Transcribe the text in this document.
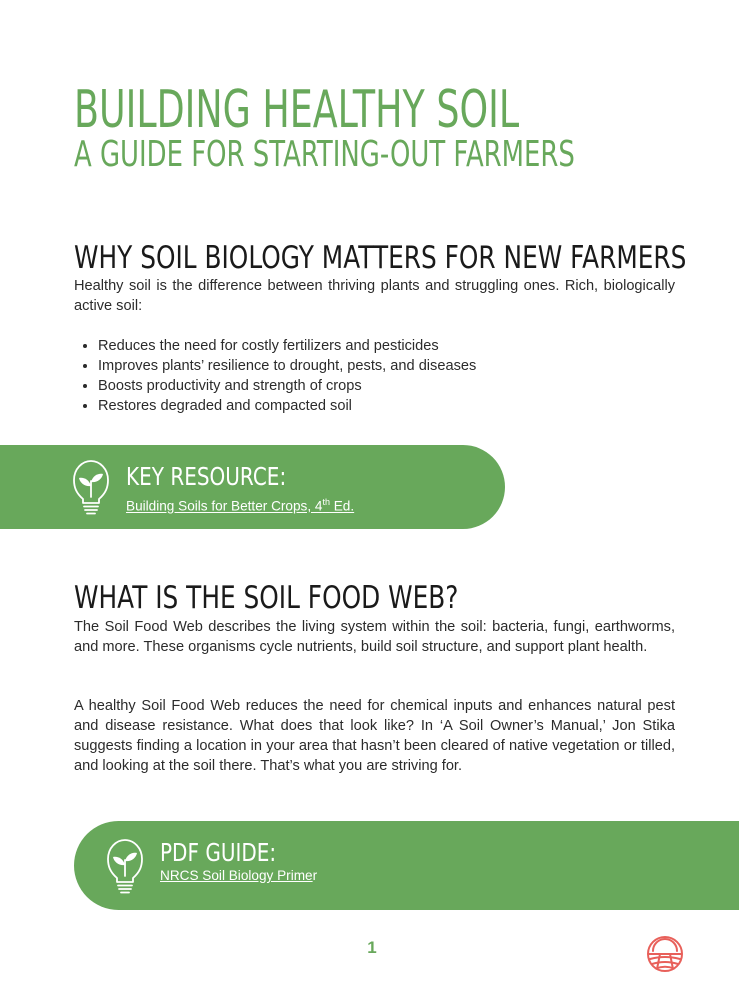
BUILDING HEALTHY SOIL
A GUIDE FOR STARTING-OUT FARMERS
WHY SOIL BIOLOGY MATTERS FOR NEW FARMERS
Healthy soil is the difference between thriving plants and struggling ones. Rich, biologically active soil:
• Reduces the need for costly fertilizers and pesticides
• Improves plants’ resilience to drought, pests, and diseases
• Boosts productivity and strength of crops
• Restores degraded and compacted soil
KEY RESOURCE:
Building Soils for Better Crops, 4th Ed.
WHAT IS THE SOIL FOOD WEB?
The Soil Food Web describes the living system within the soil: bacteria, fungi, earthworms, and more. These organisms cycle nutrients, build soil structure, and support plant health.
A healthy Soil Food Web reduces the need for chemical inputs and enhances natural pest and disease resistance. What does that look like? In ‘A Soil Owner’s Manual,’ Jon Stika suggests finding a location in your area that hasn’t been cleared of native vegetation or tilled, and looking at the soil there. That’s what you are striving for.
PDF GUIDE:
NRCS Soil Biology Primer
1
